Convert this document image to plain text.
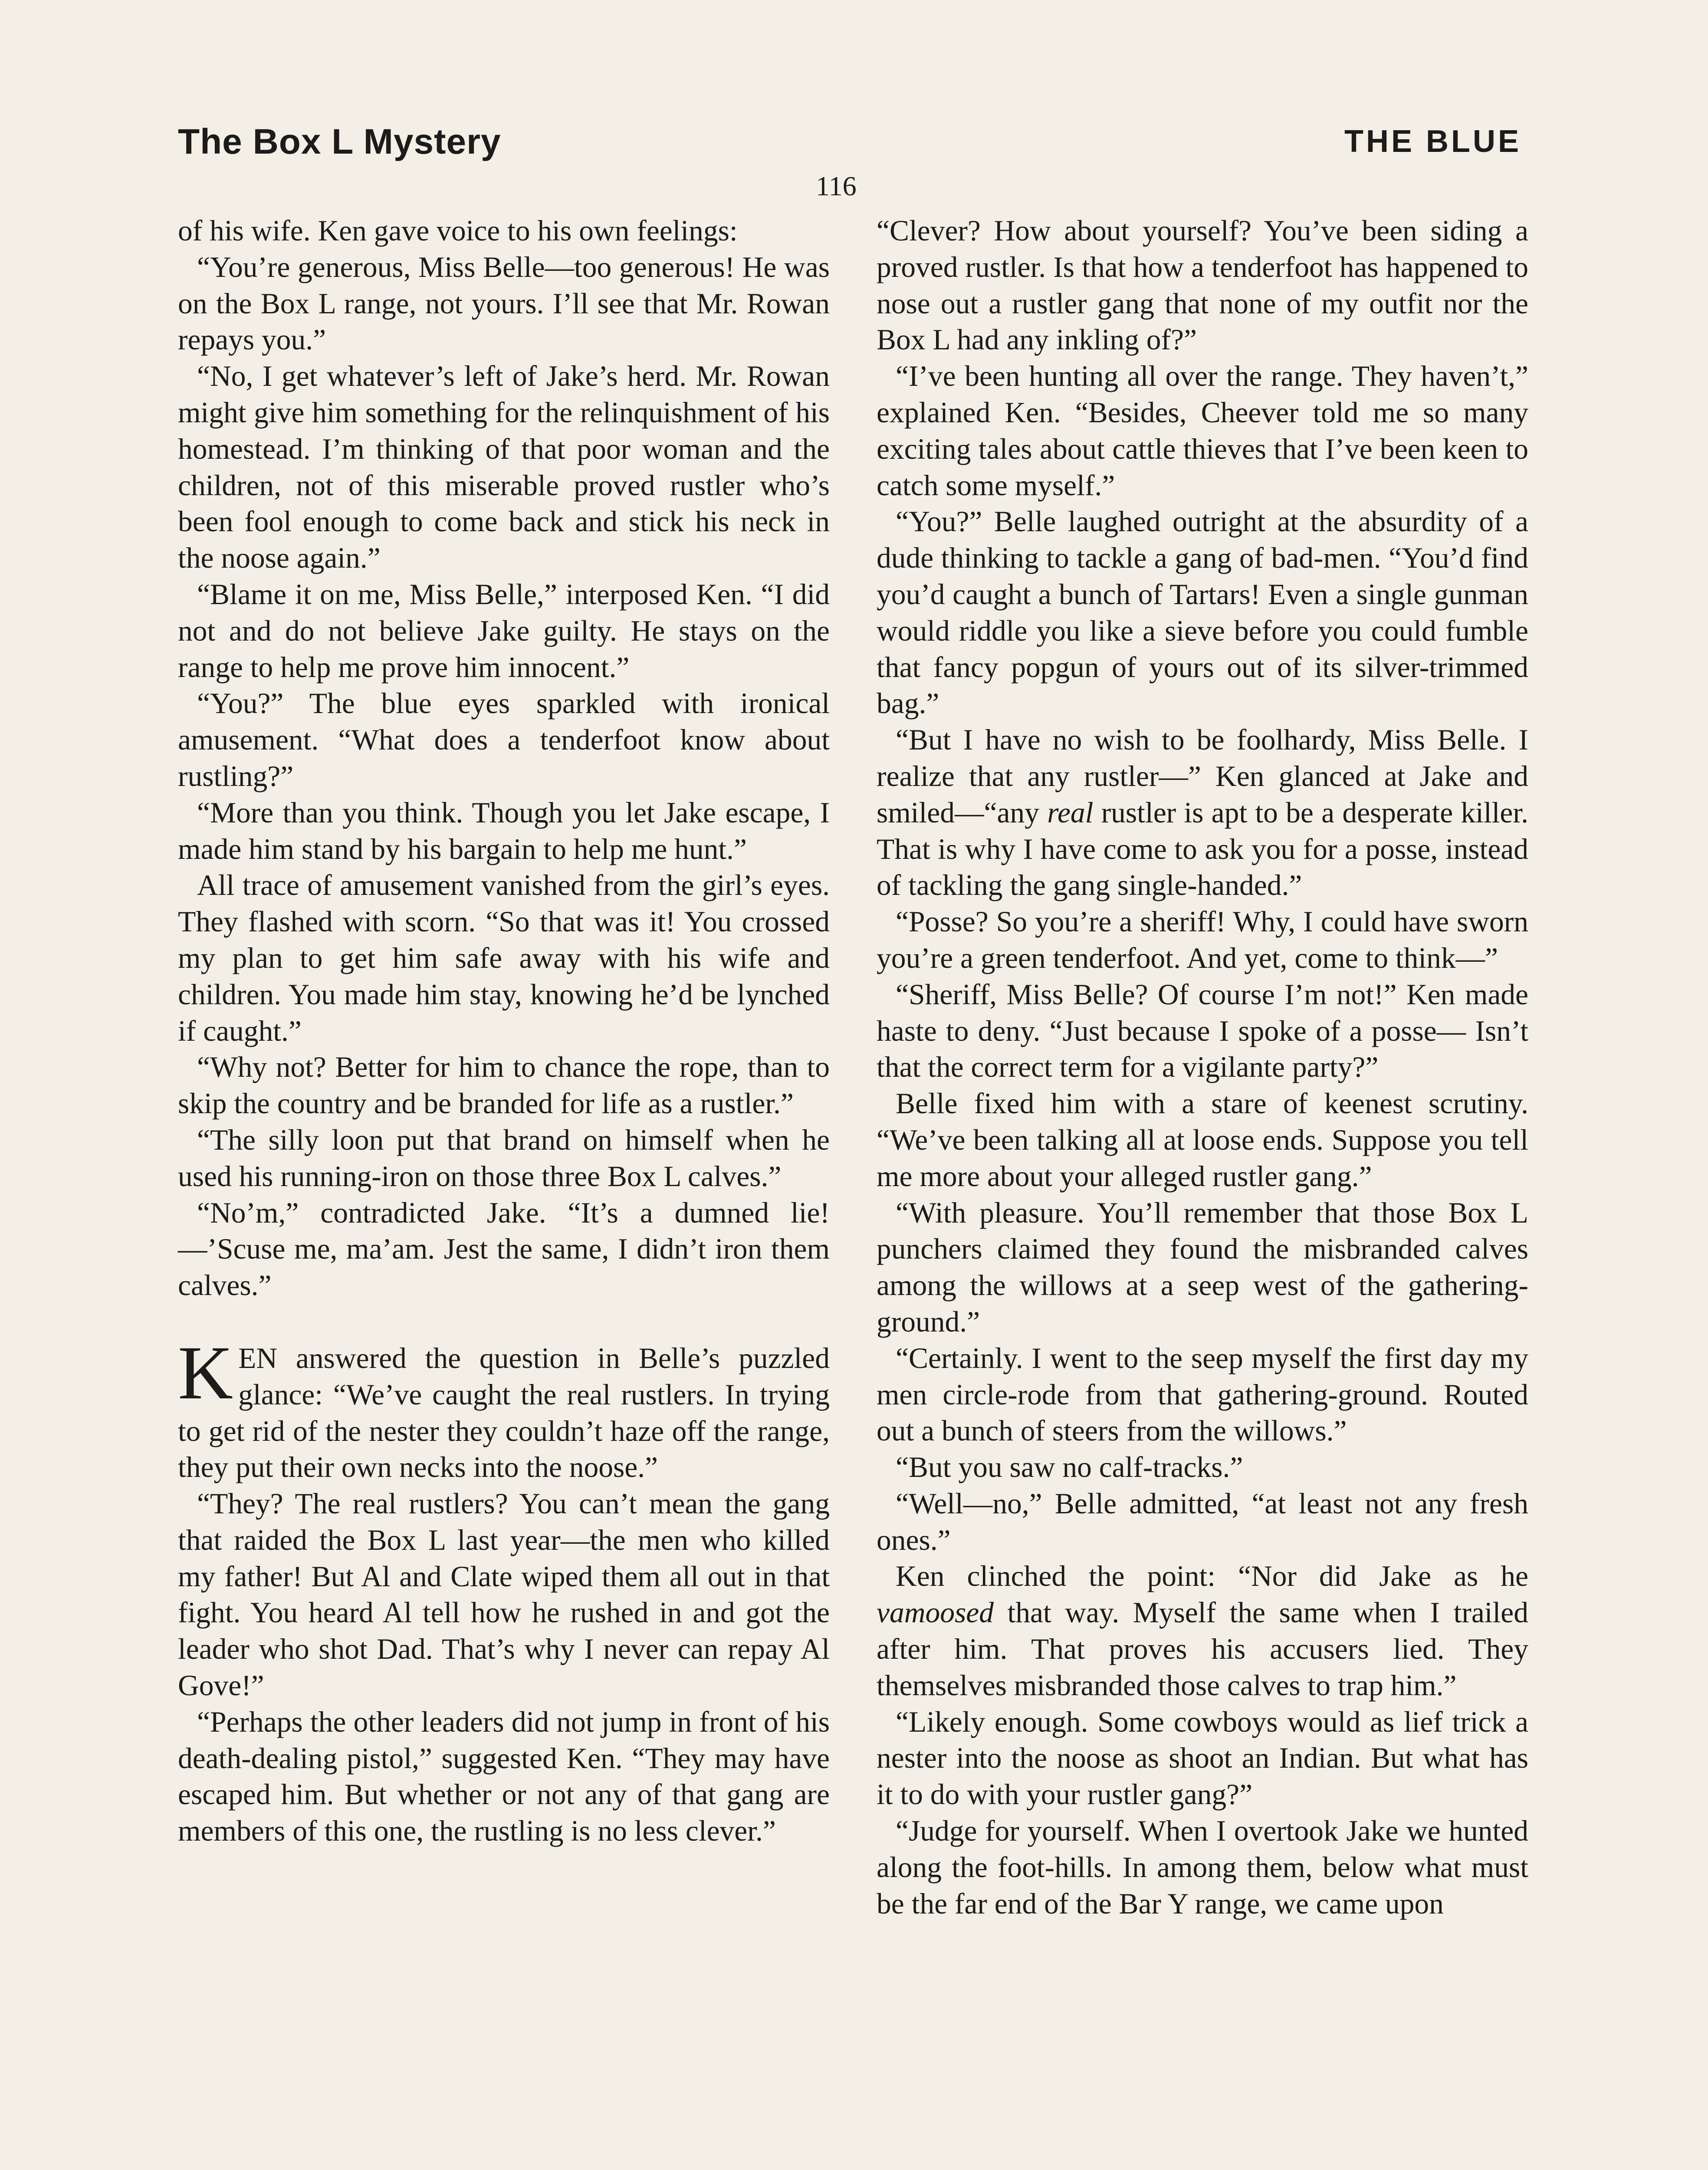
The Box L Mystery	THE BLUE
116

of his wife. Ken gave voice to his own feelings:

“You’re generous, Miss Belle—too generous! He was on the Box L range, not yours. I’ll see that Mr. Rowan repays you.”

“No, I get whatever’s left of Jake’s herd. Mr. Rowan might give him something for the relinquishment of his homestead. I’m thinking of that poor woman and the children, not of this miserable proved rustler who’s been fool enough to come back and stick his neck in the noose again.”

“Blame it on me, Miss Belle,” interposed Ken. “I did not and do not believe Jake guilty. He stays on the range to help me prove him innocent.”

“You?” The blue eyes sparkled with ironical amusement. “What does a tenderfoot know about rustling?”

“More than you think. Though you let Jake escape, I made him stand by his bargain to help me hunt.”

All trace of amusement vanished from the girl’s eyes. They flashed with scorn. “So that was it! You crossed my plan to get him safe away with his wife and children. You made him stay, knowing he’d be lynched if caught.”

“Why not? Better for him to chance the rope, than to skip the country and be branded for life as a rustler.”

“The silly loon put that brand on himself when he used his running-iron on those three Box L calves.”

“No’m,” contradicted Jake. “It’s a dumned lie! —’Scuse me, ma’am. Jest the same, I didn’t iron them calves.”

KEN answered the question in Belle’s puzzled glance: “We’ve caught the real rustlers. In trying to get rid of the nester they couldn’t haze off the range, they put their own necks into the noose.”

“They? The real rustlers? You can’t mean the gang that raided the Box L last year—the men who killed my father! But Al and Clate wiped them all out in that fight. You heard Al tell how he rushed in and got the leader who shot Dad. That’s why I never can repay Al Gove!”

“Perhaps the other leaders did not jump in front of his death-dealing pistol,” suggested Ken. “They may have escaped him. But whether or not any of that gang are members of this one, the rustling is no less clever.”

“Clever? How about yourself? You’ve been siding a proved rustler. Is that how a tenderfoot has happened to nose out a rustler gang that none of my outfit nor the Box L had any inkling of?”

“I’ve been hunting all over the range. They haven’t,” explained Ken. “Besides, Cheever told me so many exciting tales about cattle thieves that I’ve been keen to catch some myself.”

“You?” Belle laughed outright at the absurdity of a dude thinking to tackle a gang of bad-men. “You’d find you’d caught a bunch of Tartars! Even a single gunman would riddle you like a sieve before you could fumble that fancy popgun of yours out of its silver-trimmed bag.”

“But I have no wish to be foolhardy, Miss Belle. I realize that any rustler—” Ken glanced at Jake and smiled—“any real rustler is apt to be a desperate killer. That is why I have come to ask you for a posse, instead of tackling the gang single-handed.”

“Posse? So you’re a sheriff! Why, I could have sworn you’re a green tenderfoot. And yet, come to think—”

“Sheriff, Miss Belle? Of course I’m not!” Ken made haste to deny. “Just because I spoke of a posse— Isn’t that the correct term for a vigilante party?”

Belle fixed him with a stare of keenest scrutiny. “We’ve been talking all at loose ends. Suppose you tell me more about your alleged rustler gang.”

“With pleasure. You’ll remember that those Box L punchers claimed they found the misbranded calves among the willows at a seep west of the gathering-ground.”

“Certainly. I went to the seep myself the first day my men circle-rode from that gathering-ground. Routed out a bunch of steers from the willows.”

“But you saw no calf-tracks.”

“Well—no,” Belle admitted, “at least not any fresh ones.”

Ken clinched the point: “Nor did Jake as he vamoosed that way. Myself the same when I trailed after him. That proves his accusers lied. They themselves misbranded those calves to trap him.”

“Likely enough. Some cowboys would as lief trick a nester into the noose as shoot an Indian. But what has it to do with your rustler gang?”

“Judge for yourself. When I overtook Jake we hunted along the foot-hills. In among them, below what must be the far end of the Bar Y range, we came upon
